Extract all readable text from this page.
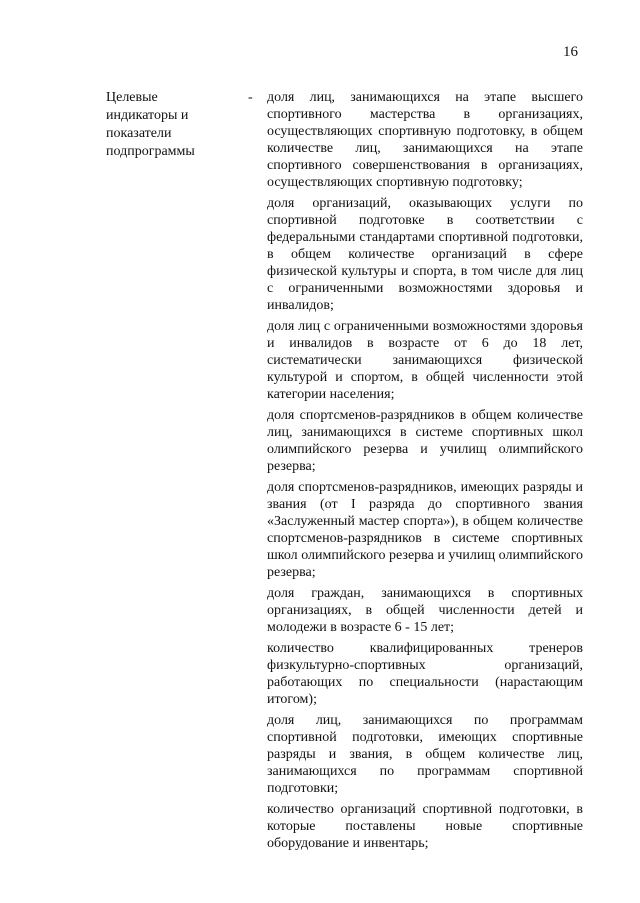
16
Целевые
индикаторы и
показатели
подпрограммы
- доля лиц, занимающихся на этапе высшего спортивного мастерства в организациях, осуществляющих спортивную подготовку, в общем количестве лиц, занимающихся на этапе спортивного совершенствования в организациях, осуществляющих спортивную подготовку;

доля организаций, оказывающих услуги по спортивной подготовке в соответствии с федеральными стандартами спортивной подготовки, в общем количестве организаций в сфере физической культуры и спорта, в том числе для лиц с ограниченными возможностями здоровья и инвалидов;

доля лиц с ограниченными возможностями здоровья и инвалидов в возрасте от 6 до 18 лет, систематически занимающихся физической культурой и спортом, в общей численности этой категории населения;

доля спортсменов-разрядников в общем количестве лиц, занимающихся в системе спортивных школ олимпийского резерва и училищ олимпийского резерва;

доля спортсменов-разрядников, имеющих разряды и звания (от I разряда до спортивного звания «Заслуженный мастер спорта»), в общем количестве спортсменов-разрядников в системе спортивных школ олимпийского резерва и училищ олимпийского резерва;

доля граждан, занимающихся в спортивных организациях, в общей численности детей и молодежи в возрасте 6 - 15 лет;

количество квалифицированных тренеров физкультурно-спортивных организаций, работающих по специальности (нарастающим итогом);

доля лиц, занимающихся по программам спортивной подготовки, имеющих спортивные разряды и звания, в общем количестве лиц, занимающихся по программам спортивной подготовки;

количество организаций спортивной подготовки, в которые поставлены новые спортивные оборудование и инвентарь;
